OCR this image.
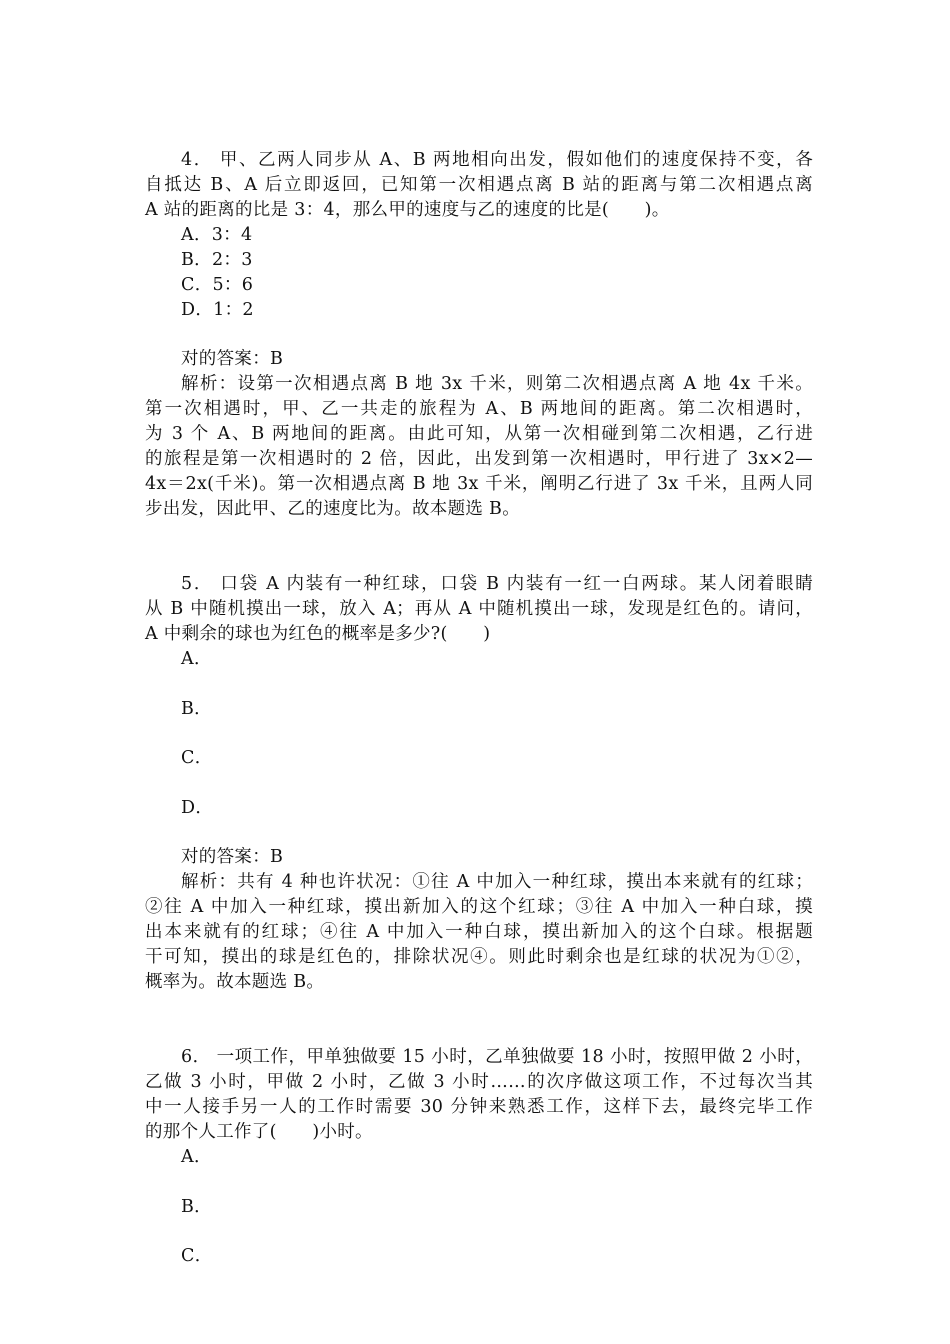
4． 甲、乙两人同步从 A、B 两地相向出发，假如他们的速度保持不变，各
自抵达 B、A 后立即返回，已知第一次相遇点离 B 站的距离与第二次相遇点离
A 站的距离的比是 3：4，那么甲的速度与乙的速度的比是(　　)。
A．3：4
B．2：3
C．5：6
D．1：2
对的答案：B
解析：设第一次相遇点离 B 地 3x 千米，则第二次相遇点离 A 地 4x 千米。
第一次相遇时，甲、乙一共走的旅程为 A、B 两地间的距离。第二次相遇时，
为 3 个 A、B 两地间的距离。由此可知，从第一次相碰到第二次相遇，乙行进
的旅程是第一次相遇时的 2 倍，因此，出发到第一次相遇时，甲行进了 3x×2—
4x＝2x(千米)。第一次相遇点离 B 地 3x 千米，阐明乙行进了 3x 千米，且两人同
步出发，因此甲、乙的速度比为。故本题选 B。
5． 口袋 A 内装有一种红球，口袋 B 内装有一红一白两球。某人闭着眼睛
从 B 中随机摸出一球，放入 A；再从 A 中随机摸出一球，发现是红色的。请问，
A 中剩余的球也为红色的概率是多少?(　　)
A．
B．
C．
D．
对的答案：B
解析：共有 4 种也许状况：①往 A 中加入一种红球，摸出本来就有的红球；
②往 A 中加入一种红球，摸出新加入的这个红球；③往 A 中加入一种白球，摸
出本来就有的红球；④往 A 中加入一种白球，摸出新加入的这个白球。根据题
干可知，摸出的球是红色的，排除状况④。则此时剩余也是红球的状况为①②，
概率为。故本题选 B。
6． 一项工作，甲单独做要 15 小时，乙单独做要 18 小时，按照甲做 2 小时，
乙做 3 小时，甲做 2 小时，乙做 3 小时……的次序做这项工作，不过每次当其
中一人接手另一人的工作时需要 30 分钟来熟悉工作，这样下去，最终完毕工作
的那个人工作了(　　)小时。
A．
B．
C．
